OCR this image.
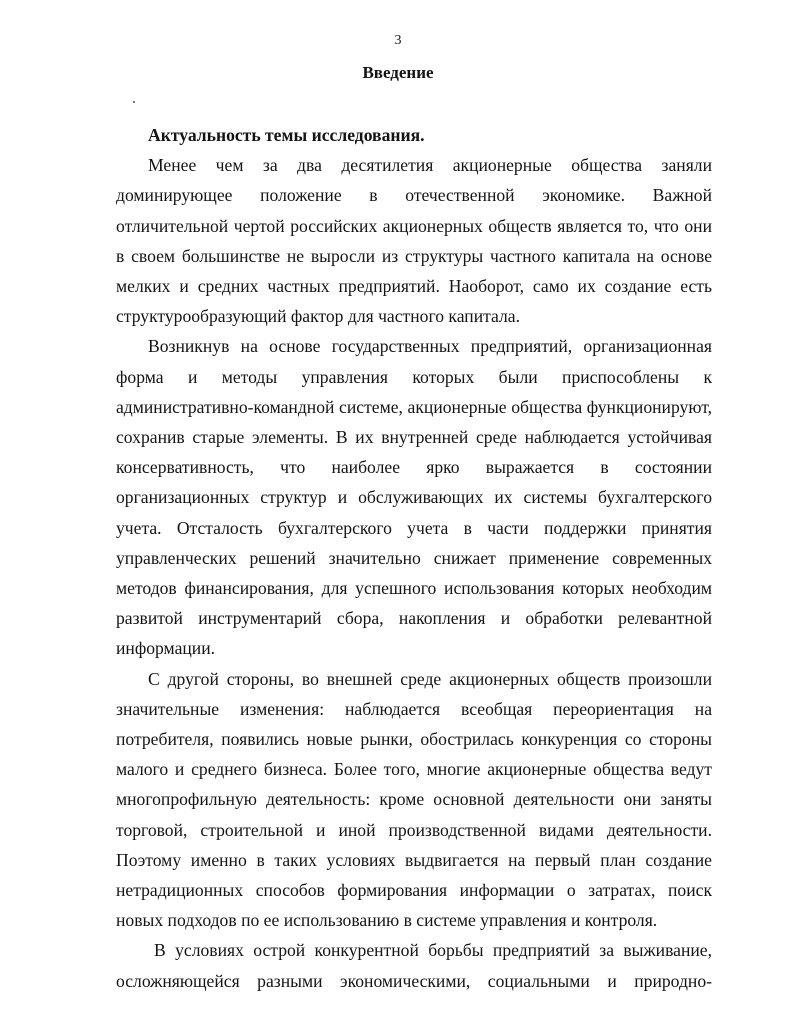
3
Введение

Актуальность темы исследования.

Менее чем за два десятилетия акционерные общества заняли доминирующее положение в отечественной экономике. Важной отличительной чертой российских акционерных обществ является то, что они в своем большинстве не выросли из структуры частного капитала на основе мелких и средних частных предприятий. Наоборот, само их создание есть структурообразующий фактор для частного капитала.

Возникнув на основе государственных предприятий, организационная форма и методы управления которых были приспособлены к административно-командной системе, акционерные общества функционируют, сохранив старые элементы. В их внутренней среде наблюдается устойчивая консервативность, что наиболее ярко выражается в состоянии организационных структур и обслуживающих их системы бухгалтерского учета. Отсталость бухгалтерского учета в части поддержки принятия управленческих решений значительно снижает применение современных методов финансирования, для успешного использования которых необходим развитой инструментарий сбора, накопления и обработки релевантной информации.

С другой стороны, во внешней среде акционерных обществ произошли значительные изменения: наблюдается всеобщая переориентация на потребителя, появились новые рынки, обострилась конкуренция со стороны малого и среднего бизнеса. Более того, многие акционерные общества ведут многопрофильную деятельность: кроме основной деятельности они заняты торговой, строительной и иной производственной видами деятельности. Поэтому именно в таких условиях выдвигается на первый план создание нетрадиционных способов формирования информации о затратах, поиск новых подходов по ее использованию в системе управления и контроля.

В условиях острой конкурентной борьбы предприятий за выживание, осложняющейся разными экономическими, социальными и природно-
